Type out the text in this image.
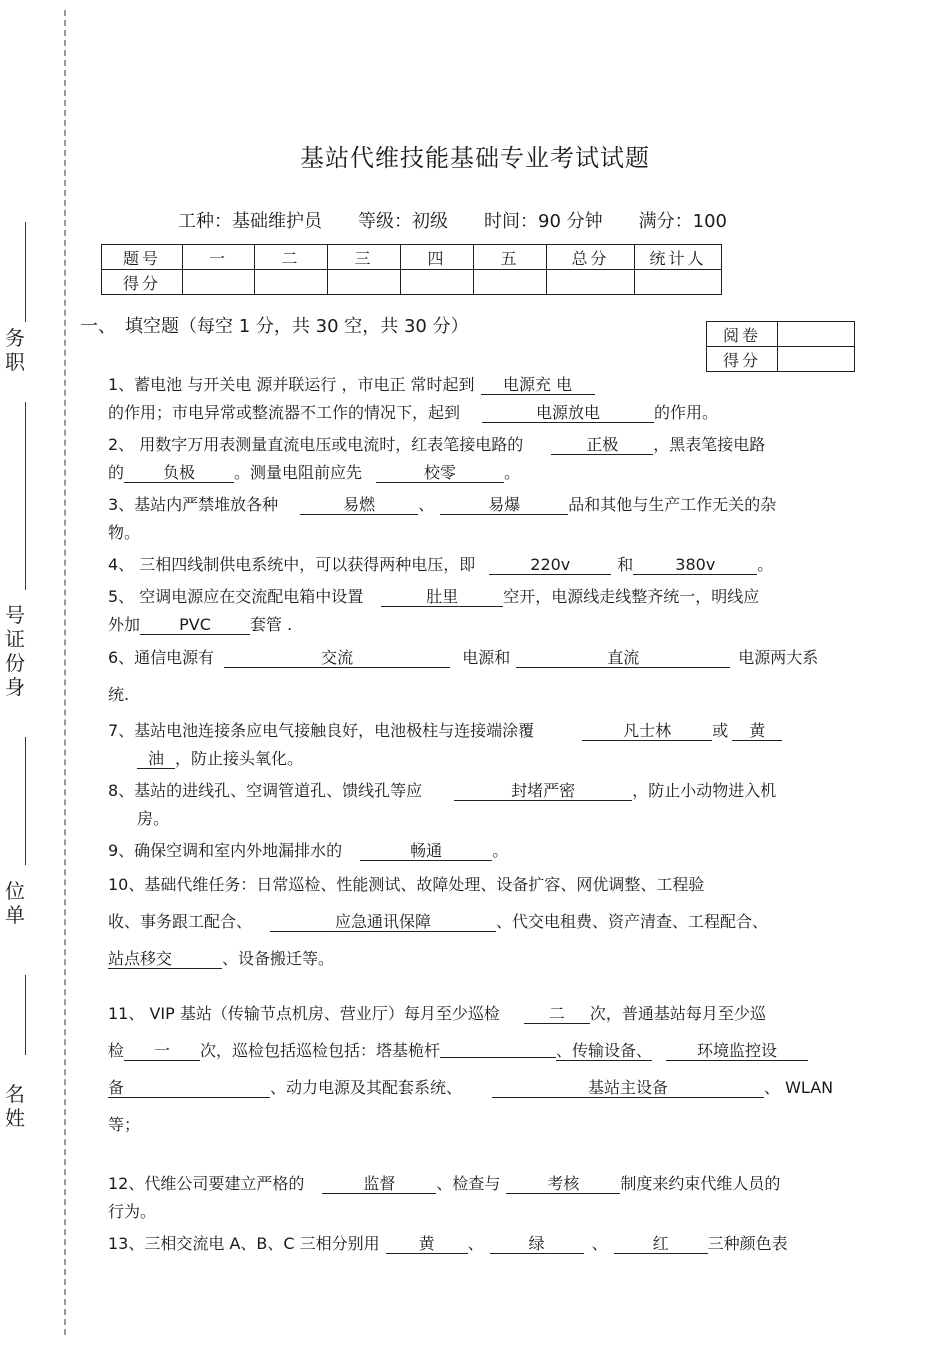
务
职
号
证
份
身
位
单
名
姓
基站代维技能基础专业考试试题
工种：基础维护员 等级：初级 时间：90 分钟 满分：100
题号	一	二	三	四	五	总分	统计人
得分							
一、　填空题（每空 1 分，共 30 空，共 30 分）	阅卷	
得分	
1、蓄电池 与开关电 源并联运行 ，市电正 常时起到 电源充 电
的作用；市电异常或整流器不工作的情况下，起到	电源放电	的作用。
2、 用数字万用表测量直流电压或电流时，红表笔接电路的	正极 ，黑表笔接电路
的 负极 。测量电阻前应先	校零	。
3、基站内严禁堆放各种	易燃	、	易爆	品和其他与生产工作无关的杂
物。
4、 三相四线制供电系统中，可以获得两种电压，即	220v	和	380v	。
5、 空调电源应在交流配电箱中设置	肚里	空开，电源线走线整齐统一，明线应
外加 PVC 套管 .
6、通信电源有	交流	电源和	直流	电源两大系
统.
7、基站电池连接条应电气接触良好，电池极柱与连接端涂覆	凡士林	或 黄
油 ，防止接头氧化。
8、基站的进线孔、空调管道孔、馈线孔等应	封堵严密	，防止小动物进入机
房。
9、确保空调和室内外地漏排水的	畅通	。
10、基础代维任务：日常巡检、性能测试、故障处理、设备扩容、网优调整、工程验
收、事务跟工配合、	应急通讯保障	、代交电租费、资产清查、工程配合、
站点移交	、设备搬迁等。
11、 VIP 基站（传输节点机房、营业厅）每月至少巡检	二 次，普通基站每月至少巡
检 一 次，巡检包括巡检包括：塔基桅杆	、传输设备、	环境监控设
备	、动力电源及其配套系统、	基站主设备	、 WLAN
等；
12、代维公司要建立严格的	监督	、检查与	考核	制度来约束代维人员的
行为。
13、三相交流电 A、B、C 三相分别用 黄 、	绿	、	红 三种颜色表
